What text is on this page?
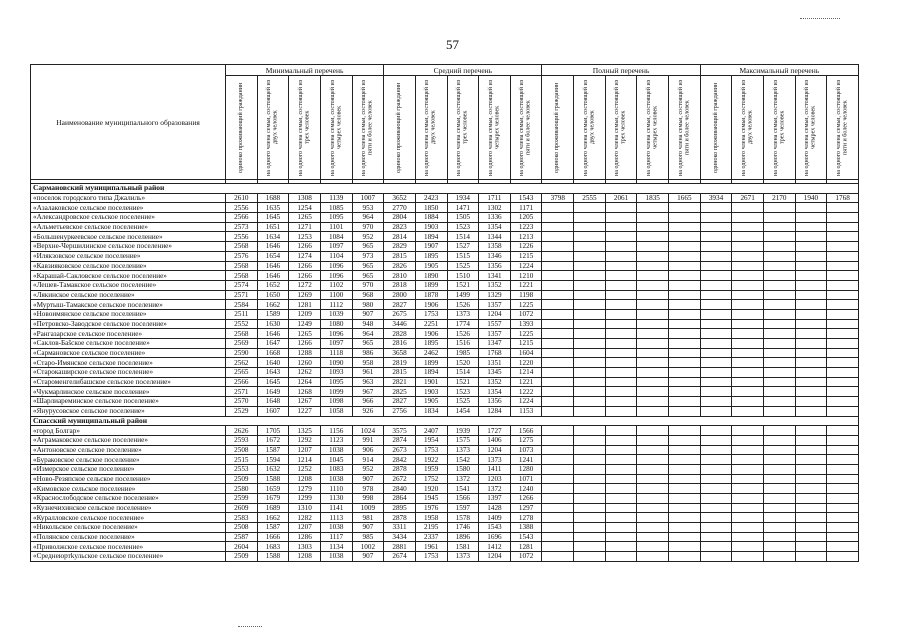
57
Наименование муниципального образования	Минимальный перечень					Средний перечень					Полный перечень					Максимальный перечень				

	одиноко проживающий гражданин	на одного члена семьи, состоящей из двух человек	на одного члена семьи, состоящей из трех человек	на одного члена семьи, состоящей из четырех человек	на одного члена семьи, состоящей из пяти и более человек	одиноко проживающий гражданин	на одного члена семьи, состоящей из двух человек	на одного члена семьи, состоящей из трех человек	на одного члена семьи, состоящей из четырех человек	на одного члена семьи, состоящей из пяти и более человек	одиноко проживающий гражданин	на одного члена семьи, состоящей из двух человек	на одного члена семьи, состоящей из трех человек	на одного члена семьи, состоящей из четырех человек	на одного члена семьи, состоящей из пяти и более человек	одиноко проживающий гражданин	на одного члена семьи, состоящей из двух человек	на одного члена семьи, состоящей из трех человек	на одного члена семьи, состоящей из четырех человек	на одного члена семьи, состоящей из пяти и более человек

Сармановский муниципальный район																				
«поселок городского типа Джалиль»	2610	1688	1308	1139	1007	3652	2423	1934	1711	1543	3798	2555	2061	1835	1665	3934	2671	2170	1940	1768
«Азалаковское сельское поселение»	2556	1635	1254	1085	953	2770	1850	1471	1302	1171										
«Александровское сельское поселение»	2566	1645	1265	1095	964	2804	1884	1505	1336	1205										
«Альметьевское сельское поселение»	2573	1651	1271	1101	970	2823	1903	1523	1354	1223										
«Большенуркеевское сельское поселение»	2556	1634	1253	1084	952	2814	1894	1514	1344	1213										
«Верхне-Чершилинское сельское поселение»	2568	1646	1266	1097	965	2829	1907	1527	1358	1226										
«Илякзовское сельское поселение»	2576	1654	1274	1104	973	2815	1895	1515	1346	1215										
«Кавзияковское сельское поселение»	2568	1646	1266	1096	965	2826	1905	1525	1356	1224										
«Карашай-Сакловское сельское поселение»	2568	1646	1266	1096	965	2810	1890	1510	1341	1210										
«Лешев-Тамакское сельское поселение»	2574	1652	1272	1102	970	2818	1899	1521	1352	1221										
«Лякинское сельское поселение»	2571	1650	1269	1100	968	2800	1878	1499	1329	1198										
«Муртыш-Тамакское сельское поселение»	2584	1662	1281	1112	980	2827	1906	1526	1357	1225										
«Новоимянское сельское поселение»	2511	1589	1209	1039	907	2675	1753	1373	1204	1072										
«Петровско-Заводское сельское поселение»	2552	1630	1249	1080	948	3446	2251	1774	1557	1393										
«Рангазарское сельское поселение»	2568	1646	1265	1096	964	2828	1906	1526	1357	1225										
«Саклов-Баšское сельское поселение»	2569	1647	1266	1097	965	2816	1895	1516	1347	1215										
«Сармановское сельское поселение»	2590	1668	1288	1118	986	3658	2462	1985	1768	1604										
«Старо-Имянское сельское поселение»	2562	1640	1260	1090	958	2819	1899	1520	1351	1220										
«Старокаширское сельское поселение»	2565	1643	1262	1093	961	2815	1894	1514	1345	1214										
«Староменгелибашское сельское поселение»	2566	1645	1264	1095	963	2821	1901	1521	1352	1221										
«Чукмарлинское сельское поселение»	2571	1649	1268	1099	967	2825	1903	1523	1354	1222										
«Шарлиареминское сельское поселение»	2570	1648	1267	1098	966	2827	1905	1525	1356	1224										
«Янурусовское сельское поселение»	2529	1607	1227	1058	926	2756	1834	1454	1284	1153										
Спасский муниципальный район																				
«город Болгар»	2626	1705	1325	1156	1024	3575	2407	1939	1727	1566										
«Аграмаковское сельское поселение»	2593	1672	1292	1123	991	2874	1954	1575	1406	1275										
«Антоновское сельское поселение»	2508	1587	1207	1038	906	2673	1753	1373	1204	1073										
«Бураковское сельское поселение»	2515	1594	1214	1045	914	2842	1922	1542	1373	1241										
«Измерское сельское поселение»	2553	1632	1252	1083	952	2878	1959	1580	1411	1280										
«Ново-Резяпское сельское поселение»	2509	1588	1208	1038	907	2672	1752	1372	1203	1071										
«Кимовское сельское поселение»	2580	1659	1279	1110	978	2840	1920	1541	1372	1240										
«Краснослободское сельское поселение»	2599	1679	1299	1130	998	2864	1945	1566	1397	1266										
«Кузнечихинское сельское поселение»	2609	1689	1310	1141	1009	2895	1976	1597	1428	1297										
«Куралловское сельское поселение»	2583	1662	1282	1113	981	2878	1958	1578	1409	1278										
«Никольское сельское поселение»	2508	1587	1207	1038	907	3311	2195	1746	1543	1388										
«Полянское сельское поселение»	2587	1666	1286	1117	985	3434	2337	1896	1696	1543										
«Приволжское сельское поселение»	2604	1683	1303	1134	1002	2881	1961	1581	1412	1281										
«Среднеюртkульское сельское поселение»	2509	1588	1208	1038	907	2674	1753	1373	1204	1072										
